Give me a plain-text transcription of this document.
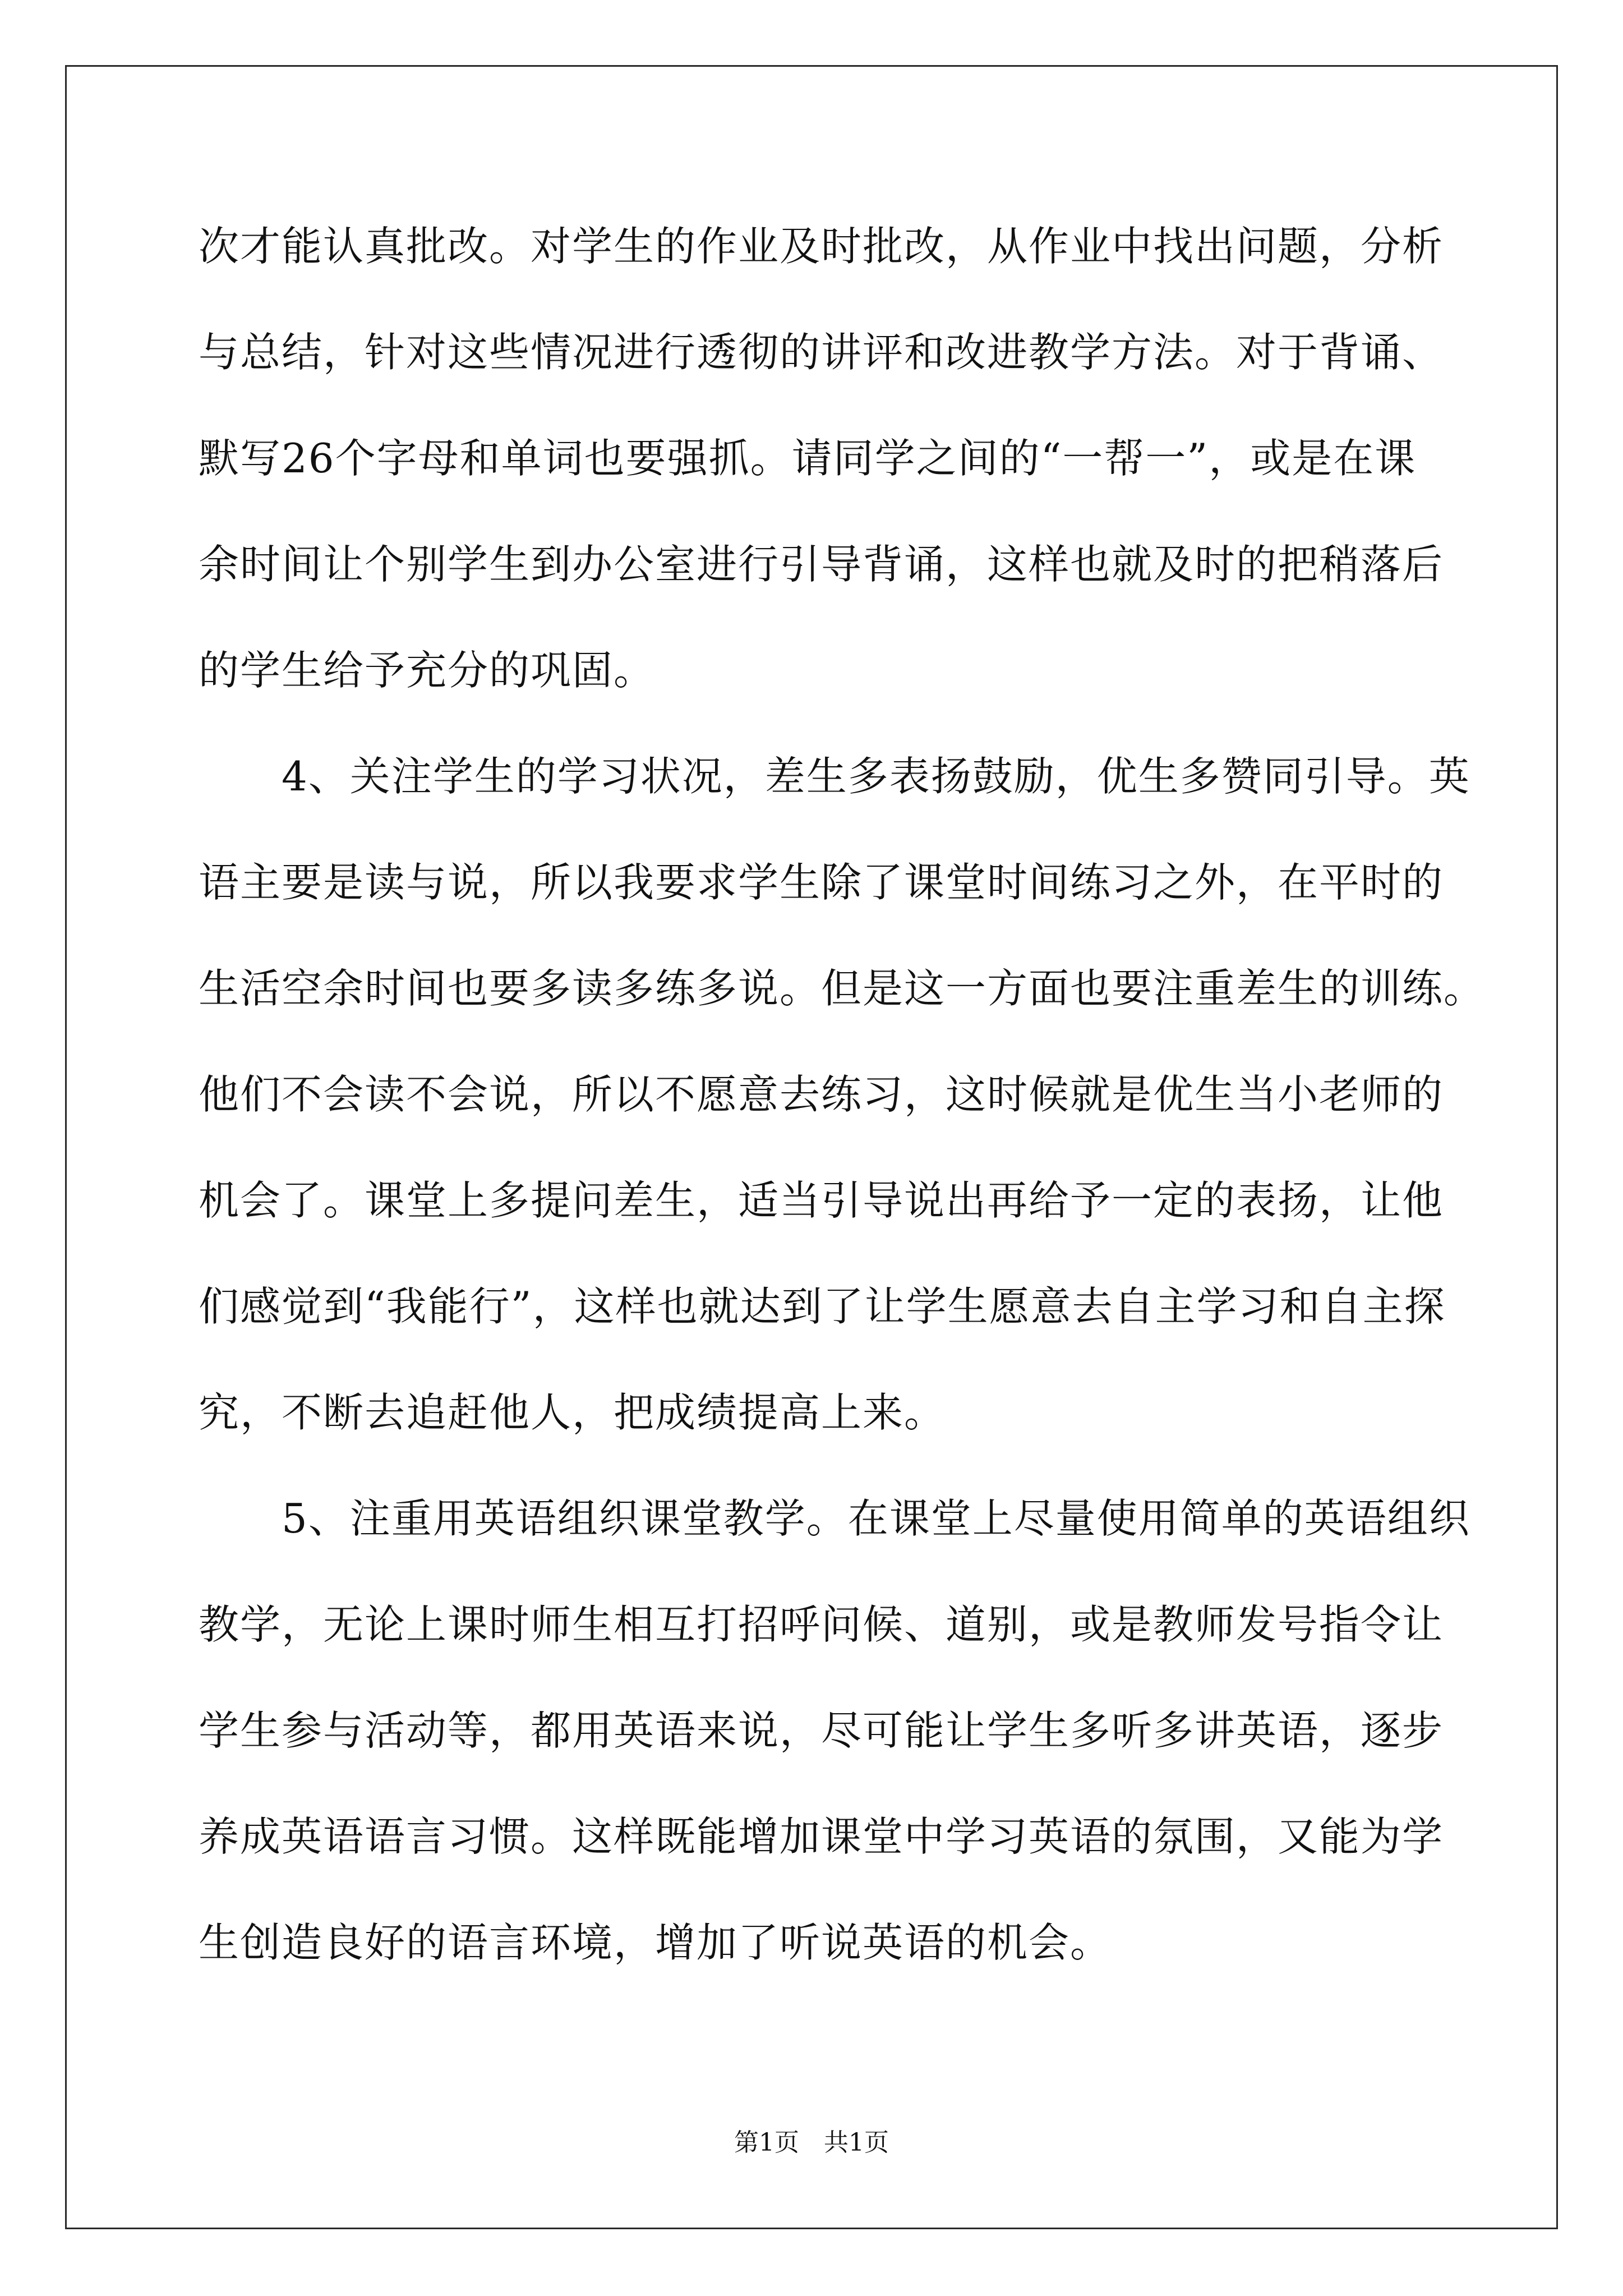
次才能认真批改。对学生的作业及时批改，从作业中找出问题，分析
与总结，针对这些情况进行透彻的讲评和改进教学方法。对于背诵、
默写26个字母和单词也要强抓。请同学之间的“一帮一”，或是在课
余时间让个别学生到办公室进行引导背诵，这样也就及时的把稍落后
的学生给予充分的巩固。
　　4、关注学生的学习状况，差生多表扬鼓励，优生多赞同引导。英
语主要是读与说，所以我要求学生除了课堂时间练习之外，在平时的
生活空余时间也要多读多练多说。但是这一方面也要注重差生的训练。
他们不会读不会说，所以不愿意去练习，这时候就是优生当小老师的
机会了。课堂上多提问差生，适当引导说出再给予一定的表扬，让他
们感觉到“我能行”，这样也就达到了让学生愿意去自主学习和自主探
究，不断去追赶他人，把成绩提高上来。
　　5、注重用英语组织课堂教学。在课堂上尽量使用简单的英语组织
教学，无论上课时师生相互打招呼问候、道别，或是教师发号指令让
学生参与活动等，都用英语来说，尽可能让学生多听多讲英语，逐步
养成英语语言习惯。这样既能增加课堂中学习英语的氛围，又能为学
生创造良好的语言环境，增加了听说英语的机会。
第1页　共1页
